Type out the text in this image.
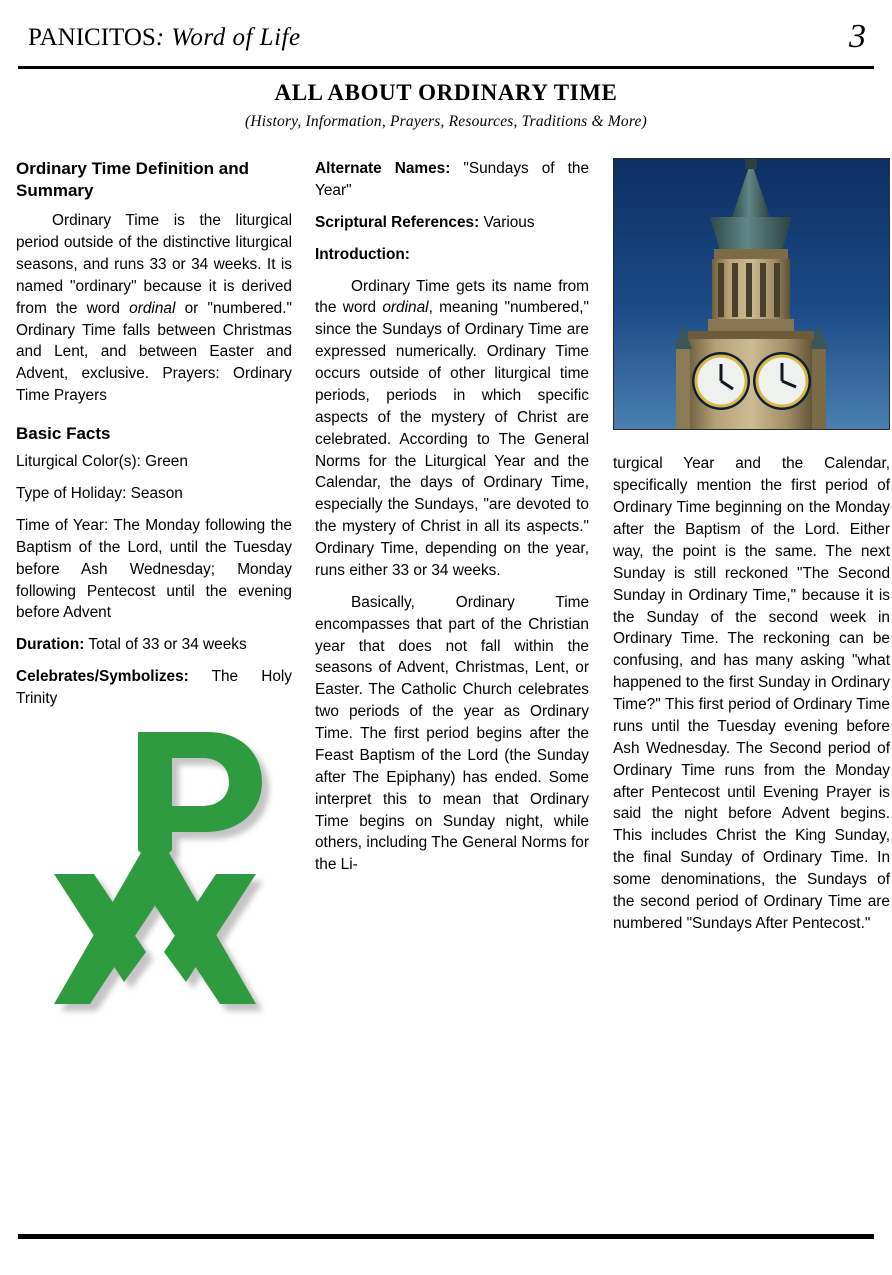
PANICITOS: Word of Life	3
ALL ABOUT ORDINARY TIME
(History, Information, Prayers, Resources, Traditions & More)
Ordinary Time Definition and Summary

Ordinary Time is the liturgical period outside of the distinctive liturgical seasons, and runs 33 or 34 weeks. It is named "ordinary" because it is derived from the word ordinal or "numbered." Ordinary Time falls between Christmas and Lent, and between Easter and Advent, exclusive. Prayers: Ordinary Time Prayers

Basic Facts

Liturgical Color(s): Green

Type of Holiday: Season

Time of Year: The Monday following the Baptism of the Lord, until the Tuesday before Ash Wednesday; Monday following Pentecost until the evening before Advent

Duration: Total of 33 or 34 weeks

Celebrates/Symbolizes: The Holy Trinity

Alternate Names: "Sundays of the Year"

Scriptural References: Various

Introduction:

Ordinary Time gets its name from the word ordinal, meaning "numbered," since the Sundays of Ordinary Time are expressed numerically. Ordinary Time occurs outside of other liturgical time periods, periods in which specific aspects of the mystery of Christ are celebrated. According to The General Norms for the Liturgical Year and the Calendar, the days of Ordinary Time, especially the Sundays, "are devoted to the mystery of Christ in all its aspects." Ordinary Time, depending on the year, runs either 33 or 34 weeks.

Basically, Ordinary Time encompasses that part of the Christian year that does not fall within the seasons of Advent, Christmas, Lent, or Easter. The Catholic Church celebrates two periods of the year as Ordinary Time. The first period begins after the Feast Baptism of the Lord (the Sunday after The Epiphany) has ended. Some interpret this to mean that Ordinary Time begins on Sunday night, while others, including The General Norms for the Li-

turgical Year and the Calendar, specifically mention the first period of Ordinary Time beginning on the Monday after the Baptism of the Lord. Either way, the point is the same. The next Sunday is still reckoned "The Second Sunday in Ordinary Time," because it is the Sunday of the second week in Ordinary Time. The reckoning can be confusing, and has many asking "what happened to the first Sunday in Ordinary Time?" This first period of Ordinary Time runs until the Tuesday evening before Ash Wednesday. The Second period of Ordinary Time runs from the Monday after Pentecost until Evening Prayer is said the night before Advent begins. This includes Christ the King Sunday, the final Sunday of Ordinary Time. In some denominations, the Sundays of the second period of Ordinary Time are numbered "Sundays After Pentecost."
